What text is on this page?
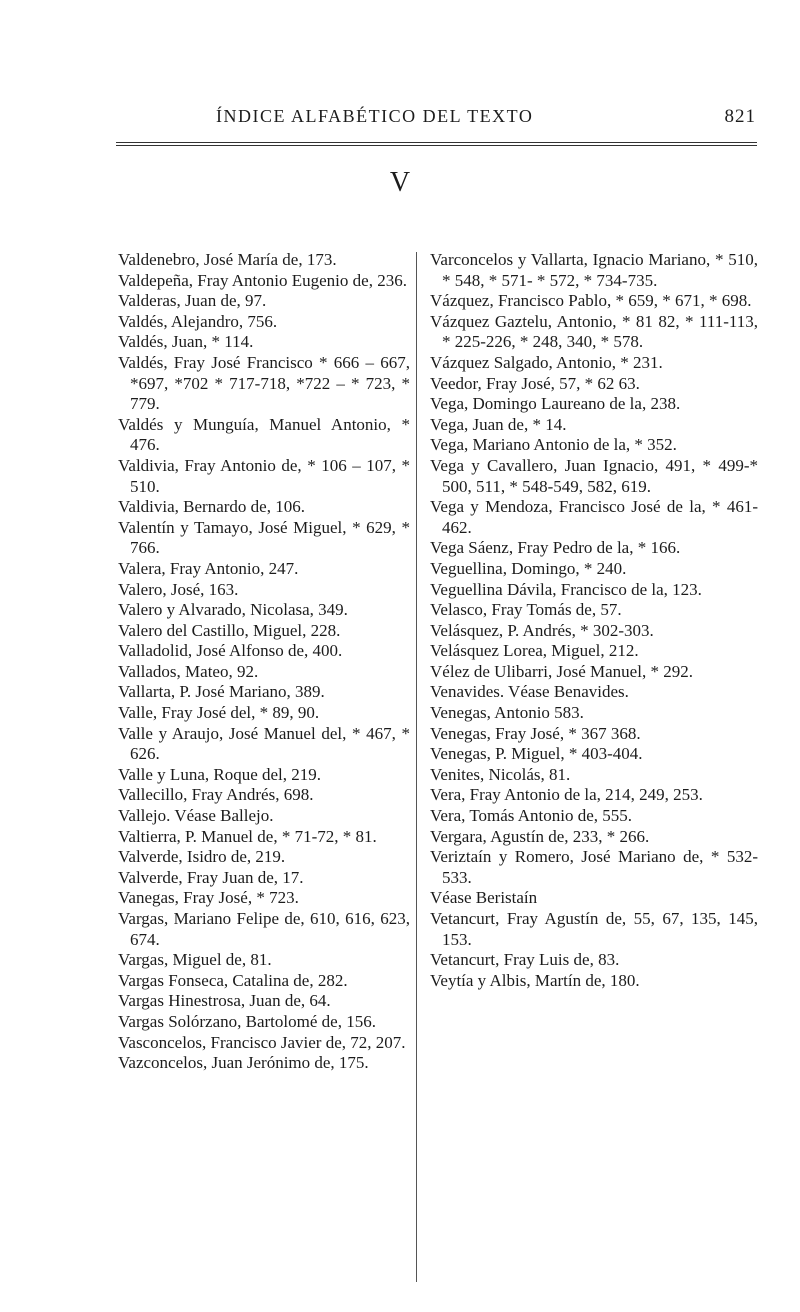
ÍNDICE ALFABÉTICO DEL TEXTO	821
V
Valdenebro, José María de, 173.
Valdepeña, Fray Antonio Eugenio de, 236.
Valderas, Juan de, 97.
Valdés, Alejandro, 756.
Valdés, Juan, * 114.
Valdés, Fray José Francisco * 666 – 667, *697, *702 * 717-718, *722 – * 723, * 779.
Valdés y Munguía, Manuel Antonio, * 476.
Valdivia, Fray Antonio de, * 106 – 107, * 510.
Valdivia, Bernardo de, 106.
Valentín y Tamayo, José Miguel, * 629, * 766.
Valera, Fray Antonio, 247.
Valero, José, 163.
Valero y Alvarado, Nicolasa, 349.
Valero del Castillo, Miguel, 228.
Valladolid, José Alfonso de, 400.
Vallados, Mateo, 92.
Vallarta, P. José Mariano, 389.
Valle, Fray José del, * 89, 90.
Valle y Araujo, José Manuel del, * 467, * 626.
Valle y Luna, Roque del, 219.
Vallecillo, Fray Andrés, 698.
Vallejo. Véase Ballejo.
Valtierra, P. Manuel de, * 71-72, * 81.
Valverde, Isidro de, 219.
Valverde, Fray Juan de, 17.
Vanegas, Fray José, * 723.
Vargas, Mariano Felipe de, 610, 616, 623, 674.
Vargas, Miguel de, 81.
Vargas Fonseca, Catalina de, 282.
Vargas Hinestrosa, Juan de, 64.
Vargas Solórzano, Bartolomé de, 156.
Vasconcelos, Francisco Javier de, 72, 207.
Vazconcelos, Juan Jerónimo de, 175.
Varconcelos y Vallarta, Ignacio Mariano, * 510, * 548, * 571- * 572, * 734-735.
Vázquez, Francisco Pablo, * 659, * 671, * 698.
Vázquez Gaztelu, Antonio, * 81 82, * 111-113, * 225-226, * 248, 340, * 578.
Vázquez Salgado, Antonio, * 231.
Veedor, Fray José, 57, * 62 63.
Vega, Domingo Laureano de la, 238.
Vega, Juan de, * 14.
Vega, Mariano Antonio de la, * 352.
Vega y Cavallero, Juan Ignacio, 491, * 499-* 500, 511, * 548-549, 582, 619.
Vega y Mendoza, Francisco José de la, * 461-462.
Vega Sáenz, Fray Pedro de la, * 166.
Veguellina, Domingo, * 240.
Veguellina Dávila, Francisco de la, 123.
Velasco, Fray Tomás de, 57.
Velásquez, P. Andrés, * 302-303.
Velásquez Lorea, Miguel, 212.
Vélez de Ulibarri, José Manuel, * 292.
Venavides. Véase Benavides.
Venegas, Antonio 583.
Venegas, Fray José, * 367 368.
Venegas, P. Miguel, * 403-404.
Venites, Nicolás, 81.
Vera, Fray Antonio de la, 214, 249, 253.
Vera, Tomás Antonio de, 555.
Vergara, Agustín de, 233, * 266.
Veriztaín y Romero, José Mariano de, * 532-533.
Véase Beristaín
Vetancurt, Fray Agustín de, 55, 67, 135, 145, 153.
Vetancurt, Fray Luis de, 83.
Veytía y Albis, Martín de, 180.
